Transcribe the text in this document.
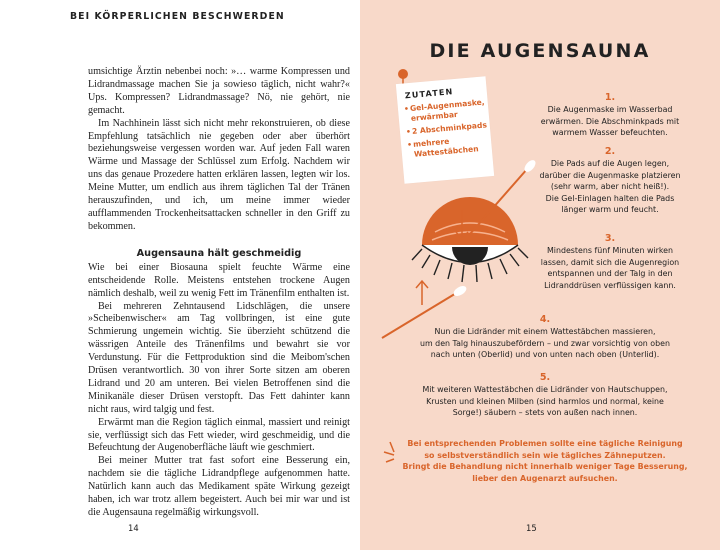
BEI KÖRPERLICHEN BESCHWERDEN

umsichtige Ärztin nebenbei noch: »… warme Kompressen und Lidrandmassage machen Sie ja sowieso täglich, nicht wahr?« Ups. Kompressen? Lidrandmassage? Nö, nie gehört, nie gemacht.

Im Nachhinein lässt sich nicht mehr rekonstruieren, ob diese Empfehlung tatsächlich nie gegeben oder aber überhört beziehungsweise vergessen worden war. Auf jeden Fall waren Wärme und Massage der Schlüssel zum Erfolg. Nachdem wir uns das genaue Prozedere hatten erklären lassen, legten wir los. Meine Mutter, um endlich aus ihrem täglichen Tal der Tränen herauszufinden, und ich, um meine immer wieder aufflammenden Trockenheitsattacken schneller in den Griff zu bekommen.

Augensauna hält geschmeidig

Wie bei einer Biosauna spielt feuchte Wärme eine entscheidende Rolle. Meistens entstehen trockene Augen nämlich deshalb, weil zu wenig Fett im Tränenfilm enthalten ist.

Bei mehreren Zehntausend Lidschlägen, die unsere »Scheibenwischer« am Tag vollbringen, ist eine gute Schmierung ungemein wichtig. Sie überzieht schützend die wässrigen Anteile des Tränenfilms und bewahrt sie vor Verdunstung. Für die Fettproduktion sind die Meibom'schen Drüsen verantwortlich. 30 von ihrer Sorte sitzen am oberen Lidrand und 20 am unteren. Bei vielen Betroffenen sind die Minikanäle dieser Drüsen verstopft. Das Fett dahinter kann nicht raus, wird talgig und fest.

Erwärmt man die Region täglich einmal, massiert und reinigt sie, verflüssigt sich das Fett wieder, wird geschmeidig, und die Befeuchtung der Augenoberfläche läuft wie geschmiert.

Bei meiner Mutter trat fast sofort eine Besserung ein, nachdem sie die tägliche Lidrandpflege aufgenommen hatte. Natürlich kann auch das Medikament späte Wirkung gezeigt haben, ich war trotz allem begeistert. Auch bei mir war und ist die Augensauna regelmäßig wirkungsvoll.

14
DIE AUGENSAUNA
ZUTATEN
• Gel-Augenmaske, erwärmbar
• 2 Abschminkpads
• mehrere Wattestäbchen
1.
Die Augenmaske im Wasserbad
erwärmen. Die Abschminkpads mit
warmem Wasser befeuchten.
2.
Die Pads auf die Augen legen,
darüber die Augenmaske platzieren
(sehr warm, aber nicht heiß!).
Die Gel-Einlagen halten die Pads
länger warm und feucht.
3.
Mindestens fünf Minuten wirken
lassen, damit sich die Augenregion
entspannen und der Talg in den
Lidranddrüsen verflüssigen kann.
4.
Nun die Lidränder mit einem Wattestäbchen massieren,
um den Talg hinauszubefördern – und zwar vorsichtig von oben
nach unten (Oberlid) und von unten nach oben (Unterlid).
5.
Mit weiteren Wattestäbchen die Lidränder von Hautschuppen,
Krusten und kleinen Milben (sind harmlos und normal, keine
Sorge!) säubern – stets von außen nach innen.
Bei entsprechenden Problemen sollte eine tägliche Reinigung
so selbstverständlich sein wie tägliches Zähneputzen.
Bringt die Behandlung nicht innerhalb weniger Tage Besserung,
lieber den Augenarzt aufsuchen.
15
